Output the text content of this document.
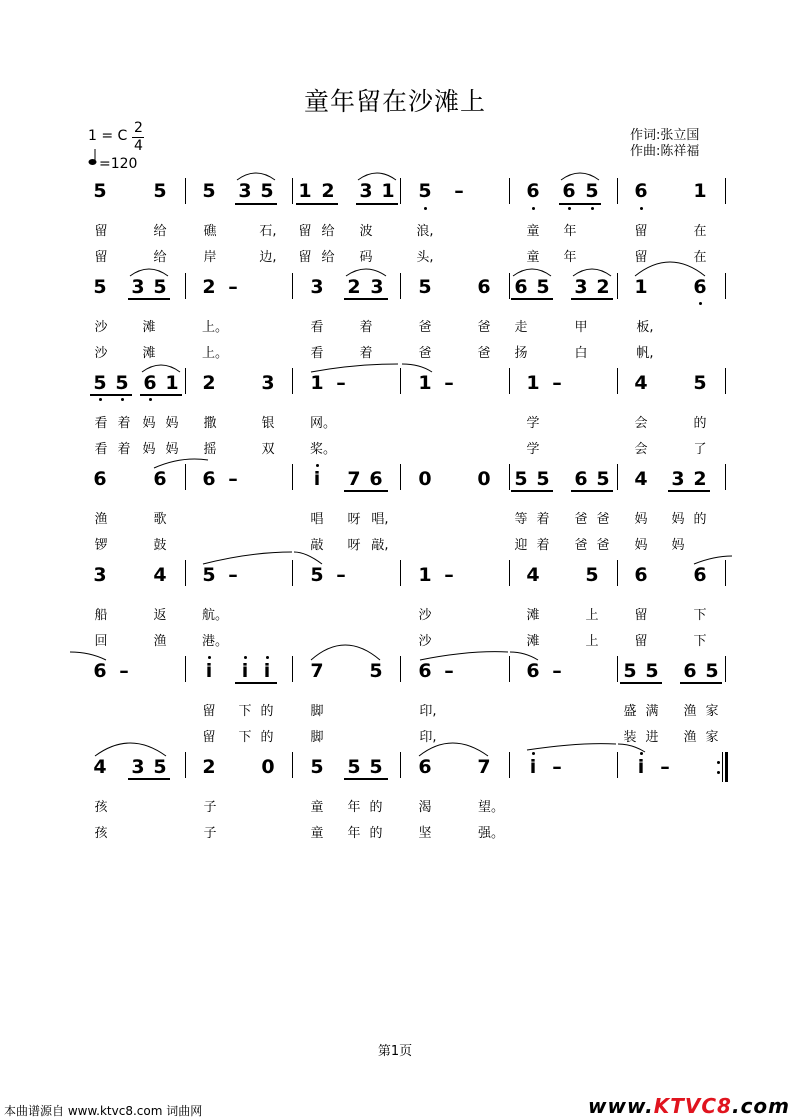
童年留在沙滩上
1 = C 2
4
=120
作词:张立国
作曲:陈祥福
5 5 5 3 5 1 2 3 1 5 –	6 6 5 6 1
留	给	礁	石, 留 给 波	浪,	童 年	留	在
留	给	岸	边, 留 给 码	头,	童 年	留	在
5 3 5 2 –	3 2 3 5 6 6 5 3 2 1 6
沙	滩	上。	看	着	爸	爸 走	甲	板,
沙	滩	上。	看	着	爸	爸 扬	白	帆,
5 5 6 1 2 3 1 –	1 –	1 –	4 5
看 着 妈 妈 撒	银	网。	学	会	的
看 着 妈 妈 摇	双	桨。	学	会	了
6 6 6 –	i 7 6 0 0 5 5 6 5 4 3 2
渔	歌	唱 呀 唱,	等 着 爸 爸 妈 妈 的
锣	鼓	敲 呀 敲,	迎 着 爸 爸 妈 妈
3 4 5 –	5 –	1 –	4 5 6 6
船	返	航。	沙	滩	上	留	下
回	渔	港。	沙	滩	上	留	下
6 –	i i i 7 5 6 –	6 –	5 5 6 5
留 下 的	脚	印,	盛 满 渔 家
留 下 的	脚	印,	装 进 渔 家
4 3 5 2 0 5 5 5 6 7 i –	i –
孩	子	童 年 的	渴	望。
孩	子	童 年 的	坚	强。
第1页
本曲谱源自 www.ktvc8.com 词曲网	www.KTVC8.com
